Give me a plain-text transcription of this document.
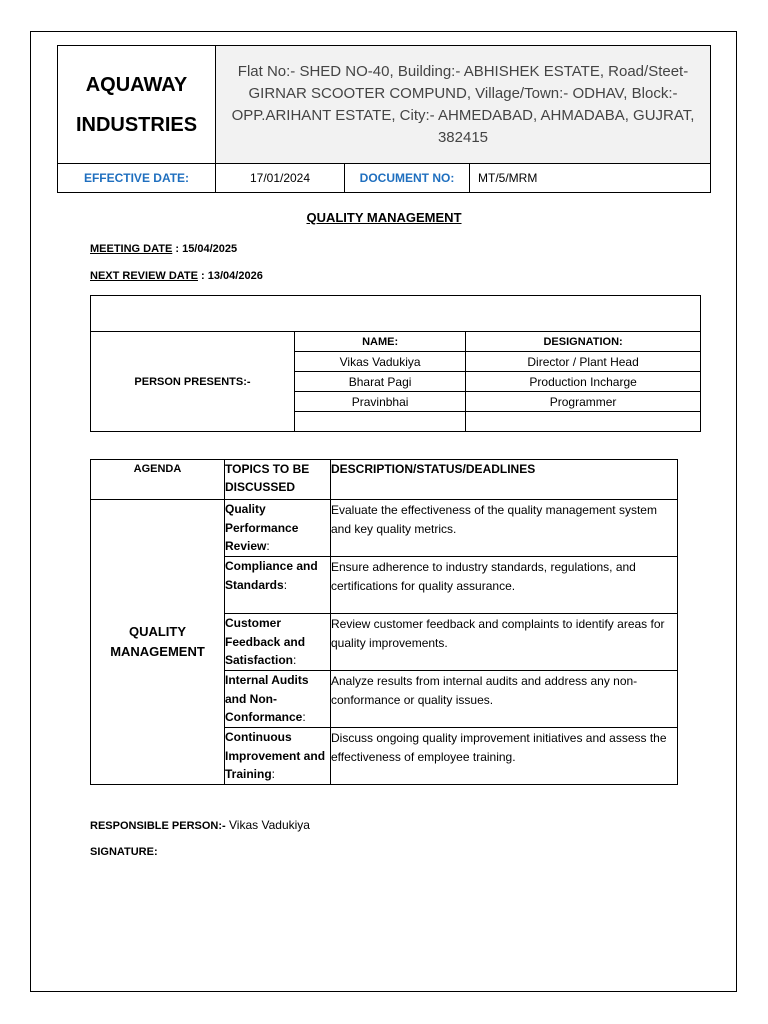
AQUAWAY
INDUSTRIES	Flat No:- SHED NO-40, Building:- ABHISHEK ESTATE, Road/Steet- GIRNAR SCOOTER COMPUND, Village/Town:- ODHAV, Block:- OPP.ARIHANT ESTATE, City:- AHMEDABAD, AHMADABA, GUJRAT, 382415		
EFFECTIVE DATE:	17/01/2024	DOCUMENT NO:	MT/5/MRM
QUALITY MANAGEMENT
MEETING DATE : 15/04/2025
NEXT REVIEW DATE : 13/04/2026

PERSON PRESENTS:-	NAME:	DESIGNATION:
	Vikas Vadukiya	Director / Plant Head
	Bharat Pagi	Production Incharge
	Pravinbhai	Programmer

AGENDA	TOPICS TO BE DISCUSSED	DESCRIPTION/STATUS/DEADLINES
QUALITY
MANAGEMENT	Quality Performance Review:	Evaluate the effectiveness of the quality management system and key quality metrics.
	Compliance and Standards:	Ensure adherence to industry standards, regulations, and certifications for quality assurance.
	Customer Feedback and Satisfaction:	Review customer feedback and complaints to identify areas for quality improvements.
	Internal Audits and Non-Conformance:	Analyze results from internal audits and address any non-conformance or quality issues.
	Continuous Improvement and Training:	Discuss ongoing quality improvement initiatives and assess the effectiveness of employee training.
RESPONSIBLE PERSON:- Vikas Vadukiya
SIGNATURE:
